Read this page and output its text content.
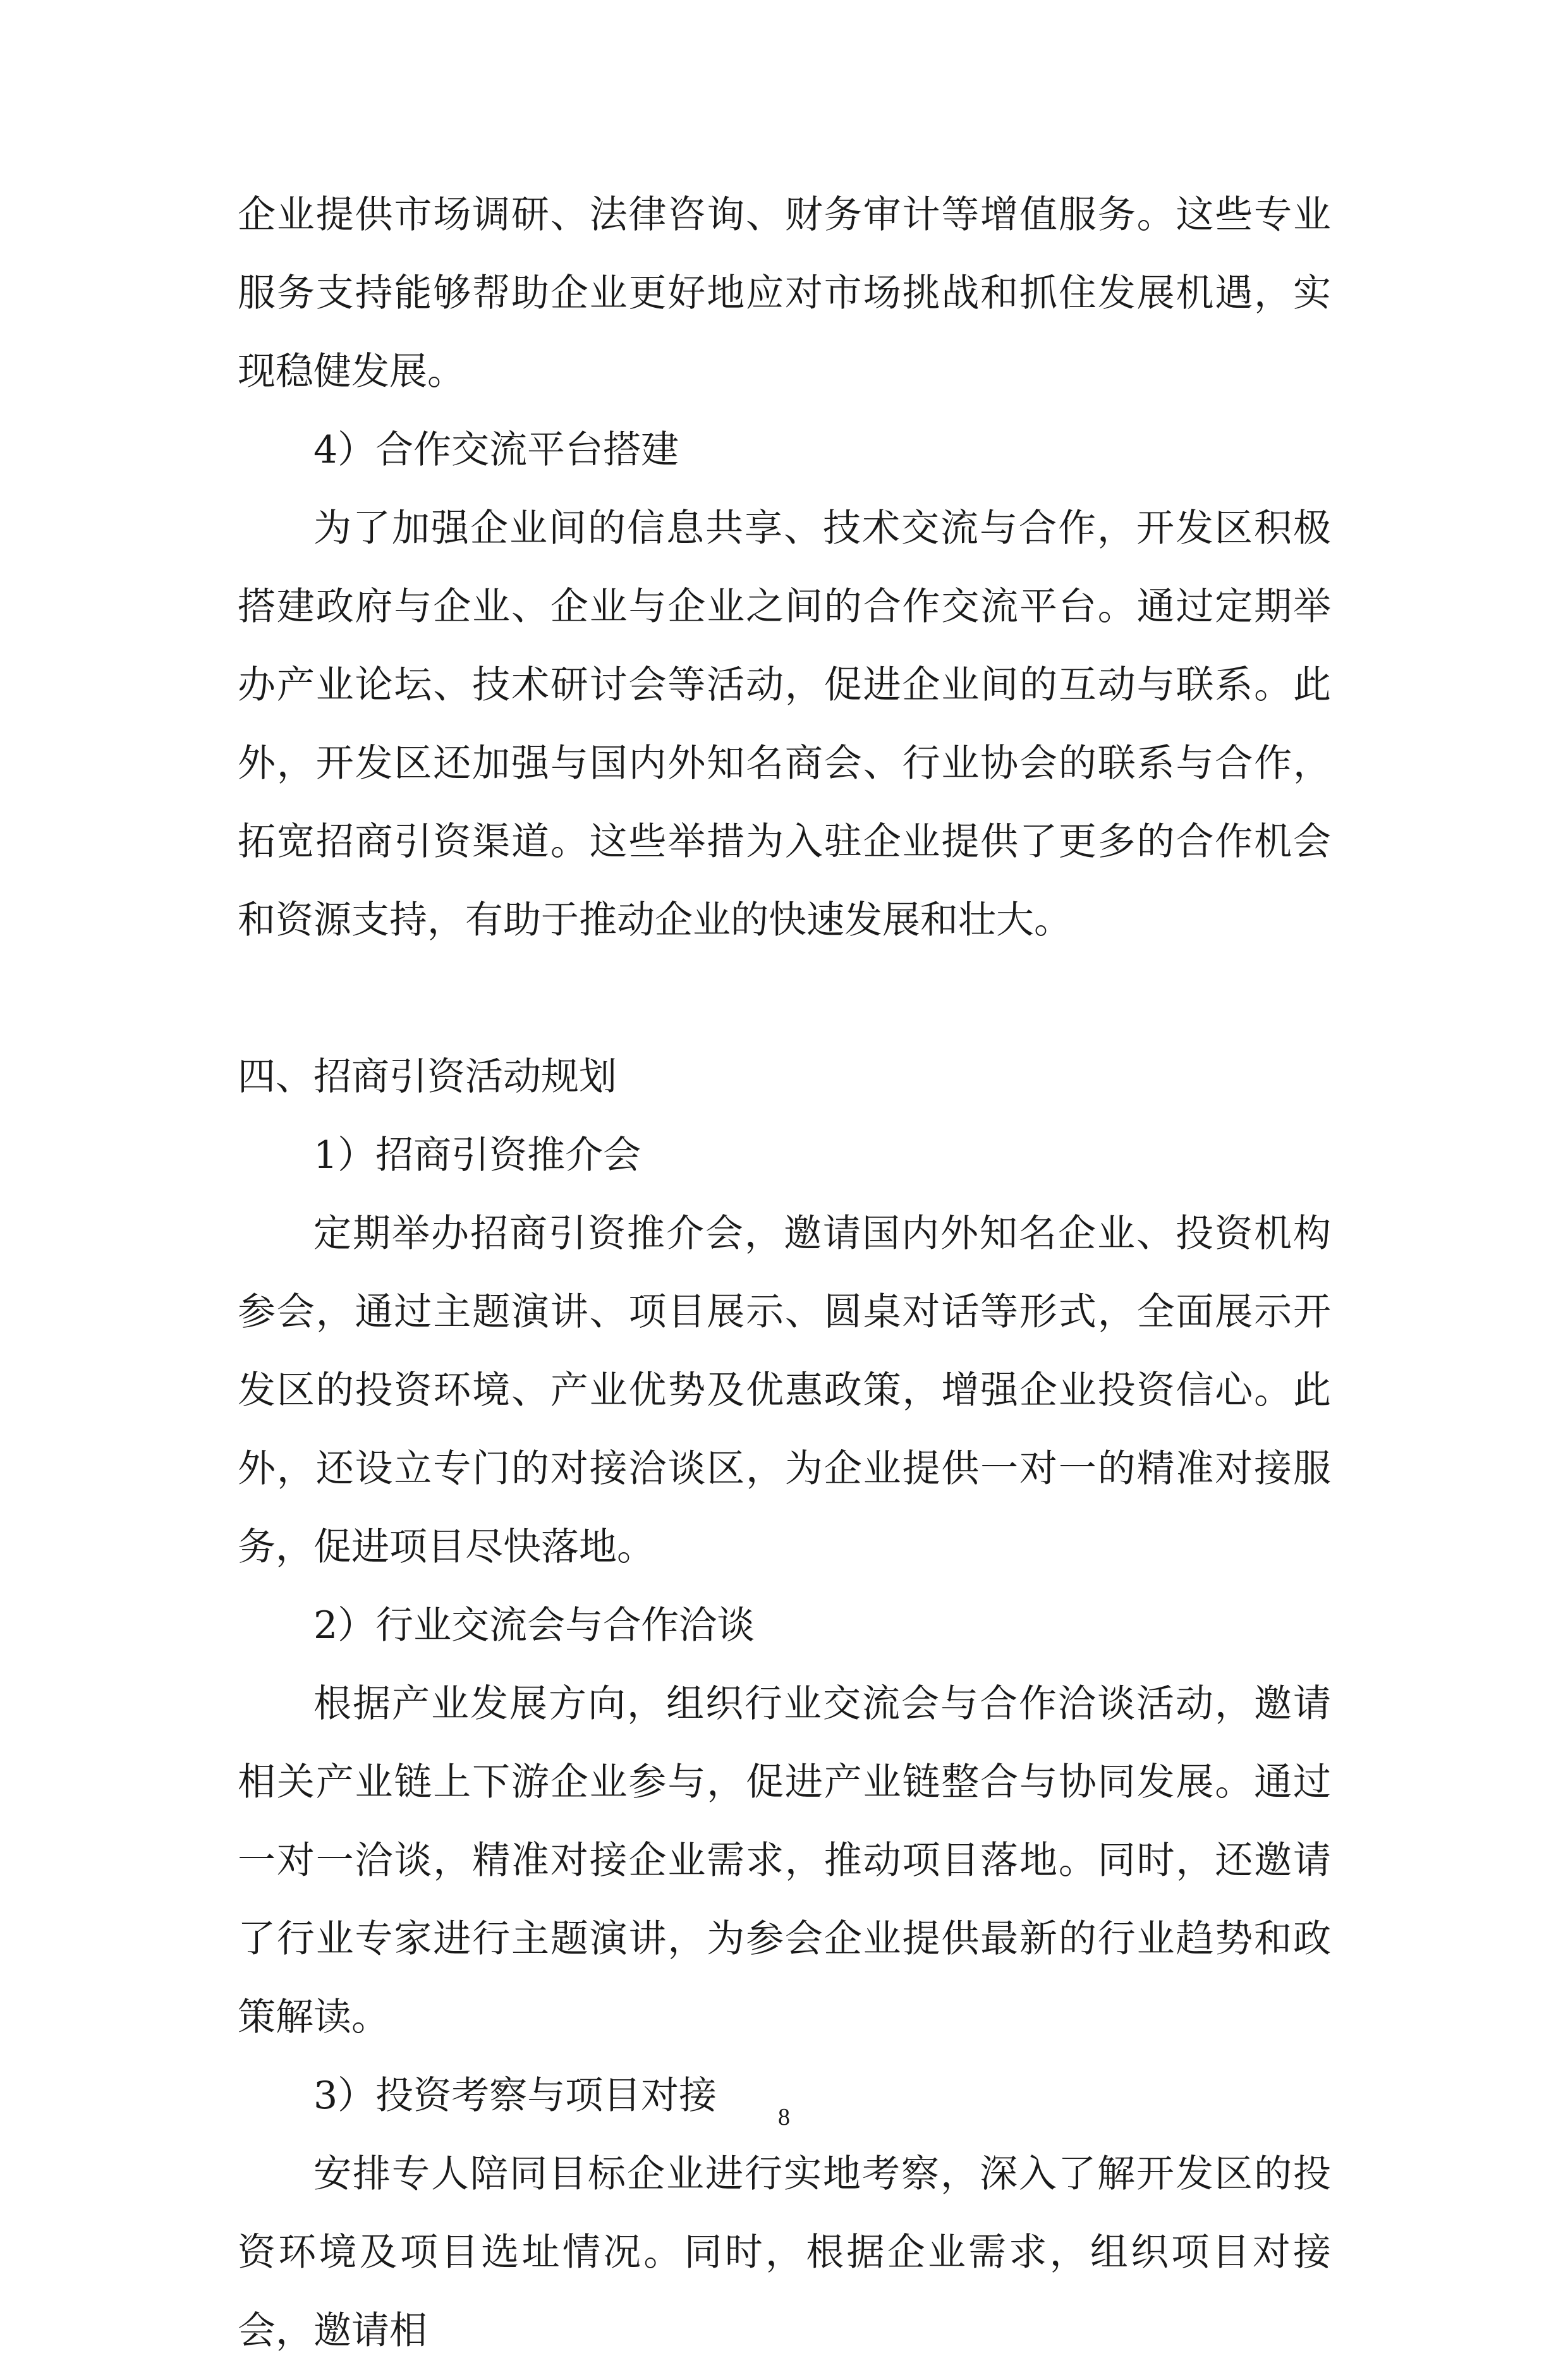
企业提供市场调研、法律咨询、财务审计等增值服务。这些专业服务支持能够帮助企业更好地应对市场挑战和抓住发展机遇，实现稳健发展。

4）合作交流平台搭建

为了加强企业间的信息共享、技术交流与合作，开发区积极搭建政府与企业、企业与企业之间的合作交流平台。通过定期举办产业论坛、技术研讨会等活动，促进企业间的互动与联系。此外，开发区还加强与国内外知名商会、行业协会的联系与合作，拓宽招商引资渠道。这些举措为入驻企业提供了更多的合作机会和资源支持，有助于推动企业的快速发展和壮大。

四、招商引资活动规划

1）招商引资推介会

定期举办招商引资推介会，邀请国内外知名企业、投资机构参会，通过主题演讲、项目展示、圆桌对话等形式，全面展示开发区的投资环境、产业优势及优惠政策，增强企业投资信心。此外，还设立专门的对接洽谈区，为企业提供一对一的精准对接服务，促进项目尽快落地。

2）行业交流会与合作洽谈

根据产业发展方向，组织行业交流会与合作洽谈活动，邀请相关产业链上下游企业参与，促进产业链整合与协同发展。通过一对一洽谈，精准对接企业需求，推动项目落地。同时，还邀请了行业专家进行主题演讲，为参会企业提供最新的行业趋势和政策解读。

3）投资考察与项目对接

安排专人陪同目标企业进行实地考察，深入了解开发区的投资环境及项目选址情况。同时，根据企业需求，组织项目对接会，邀请相

8
